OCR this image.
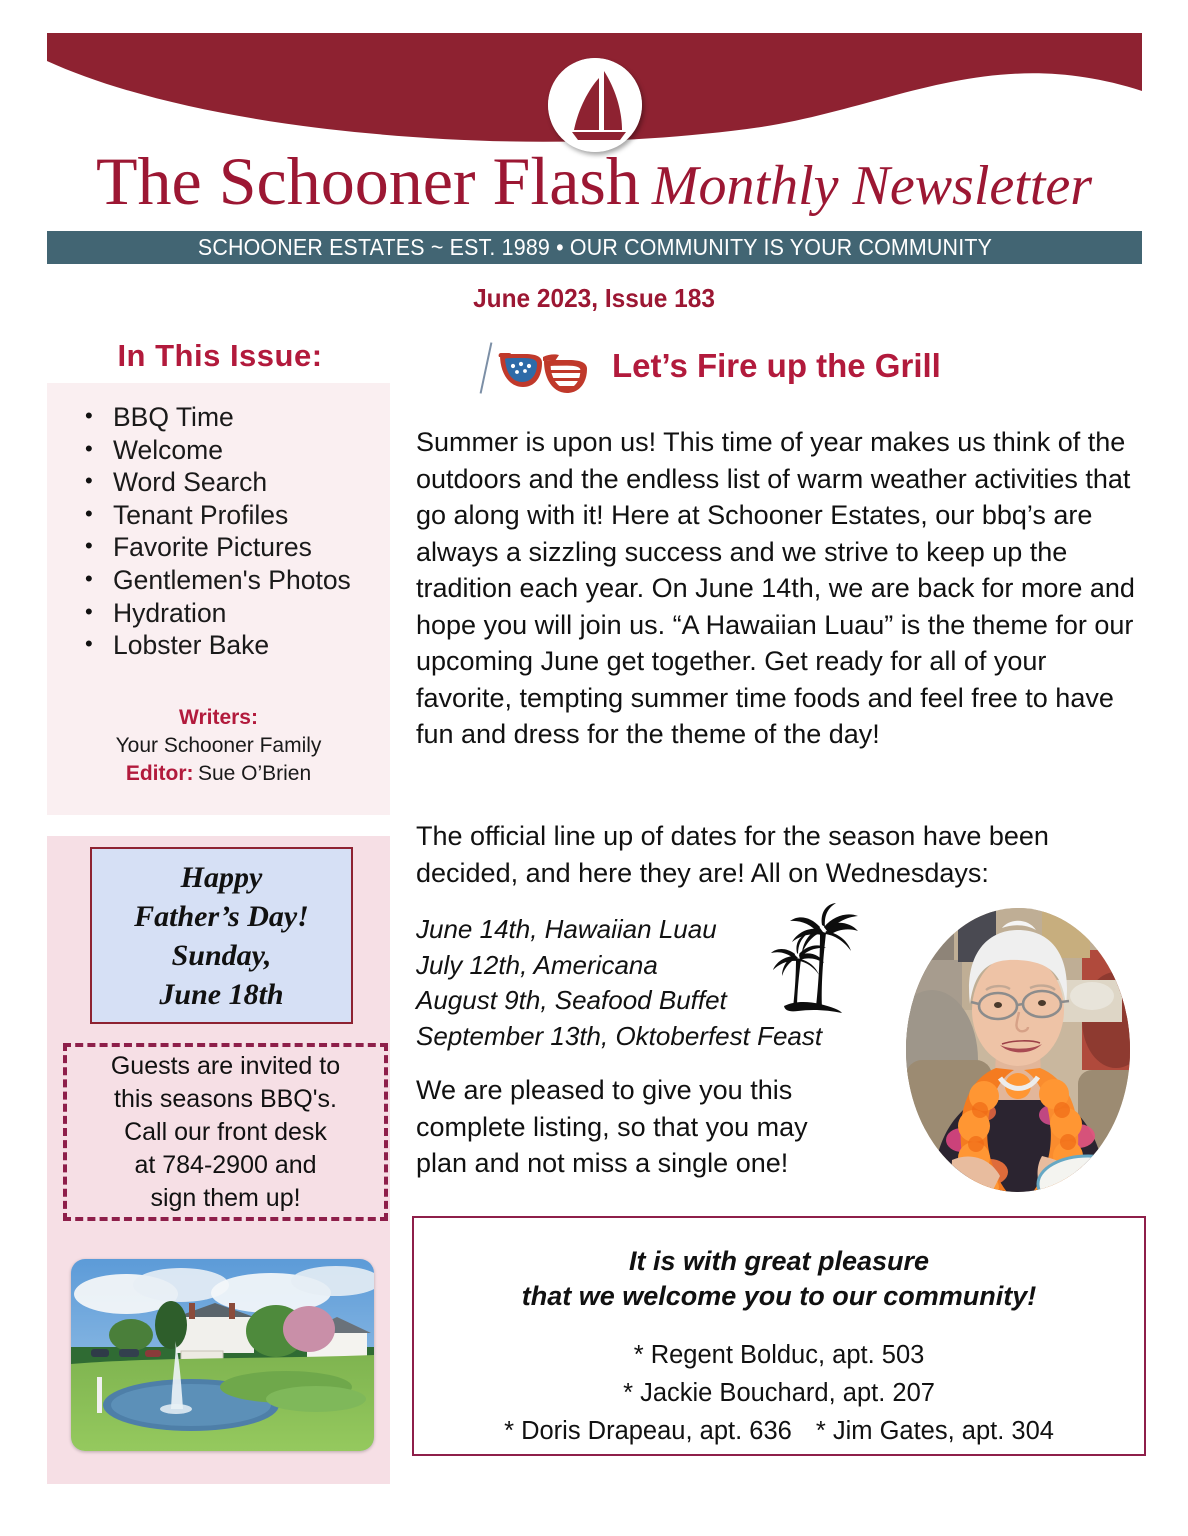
The Schooner Flash Monthly Newsletter
SCHOONER ESTATES ~ EST. 1989 • OUR COMMUNITY IS YOUR COMMUNITY
June 2023, Issue 183
In This Issue:
• BBQ Time
• Welcome
• Word Search
• Tenant Profiles
• Favorite Pictures
• Gentlemen's Photos
• Hydration
• Lobster Bake
Writers:
Your Schooner Family
Editor: Sue O’Brien
Happy
Father’s Day!
Sunday,
June 18th
Guests are invited to
this seasons BBQ's.
Call our front desk
at 784-2900 and
sign them up!
Let’s Fire up the Grill
Summer is upon us! This time of year makes us think of the outdoors and the endless list of warm weather activities that go along with it! Here at Schooner Estates, our bbq’s are always a sizzling success and we strive to keep up the tradition each year. On June 14th, we are back for more and hope you will join us. “A Hawaiian Luau” is the theme for our upcoming June get together. Get ready for all of your favorite, tempting summer time foods and feel free to have fun and dress for the theme of the day!
The official line up of dates for the season have been decided, and here they are! All on Wednesdays:
June 14th, Hawaiian Luau
July 12th, Americana
August 9th, Seafood Buffet
September 13th, Oktoberfest Feast
We are pleased to give you this complete listing, so that you may plan and not miss a single one!
It is with great pleasure
that we welcome you to our community!
* Regent Bolduc, apt. 503
* Jackie Bouchard, apt. 207
* Doris Drapeau, apt. 636 * Jim Gates, apt. 304
